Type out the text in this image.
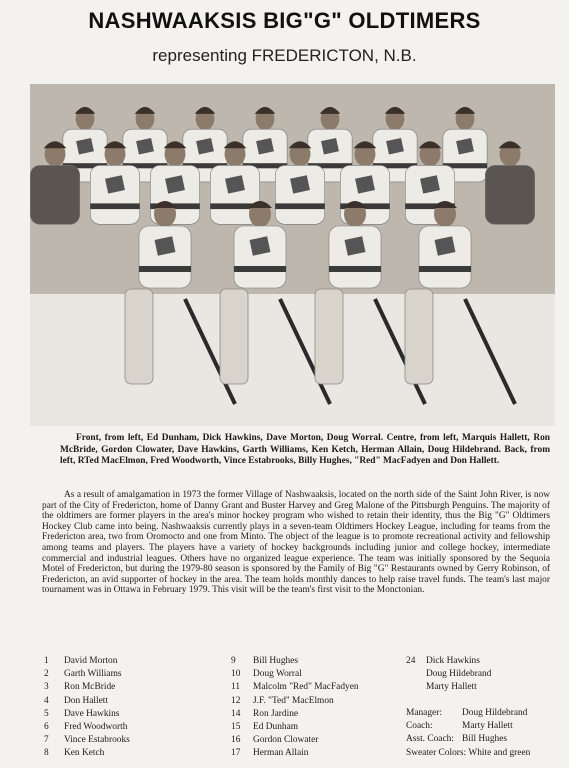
NASHWAAKSIS BIG"G" OLDTIMERS
representing FREDERICTON, N.B.
Front, from left, Ed Dunham, Dick Hawkins, Dave Morton, Doug Worral. Centre, from left, Marquis Hallett, Ron McBride, Gordon Clowater, Dave Hawkins, Garth Williams, Ken Ketch, Herman Allain, Doug Hildebrand. Back, from left, RTed MacElmon, Fred Woodworth, Vince Estabrooks, Billy Hughes, "Red" MacFadyen and Don Hallett.
As a result of amalgamation in 1973 the former Village of Nashwaaksis, located on the north side of the Saint John River, is now part of the City of Fredericton, home of Danny Grant and Buster Harvey and Greg Malone of the Pittsburgh Penguins. The majority of the oldtimers are former players in the area's minor hockey program who wished to retain their identity, thus the Big "G" Oldtimers Hockey Club came into being. Nashwaaksis currently plays in a seven-team Oldtimers Hockey League, including for teams from the Fredericton area, two from Oromocto and one from Minto. The object of the league is to promote recreational activity and fellowship among teams and players. The players have a variety of hockey backgrounds including junior and college hockey, intermediate commercial and industrial leagues. Others have no organized league experience. The team was initially sponsored by the Sequoia Motel of Fredericton, but during the 1979-80 season is sponsored by the Family of Big "G" Restaurants owned by Gerry Robinson, of Fredericton, an avid supporter of hockey in the area. The team holds monthly dances to help raise travel funds. The team's last major tournament was in Ottawa in February 1979. This visit will be the team's first visit to the Monctonian.
1 David Morton
2 Garth Williams
3 Ron McBride
4 Don Hallett
5 Dave Hawkins
6 Fred Woodworth
7 Vince Estabrooks
8 Ken Ketch
9 Bill Hughes
10 Doug Worral
11 Malcolm "Red" MacFadyen
12 J.F. "Ted" MacElmon
14 Ron Jardine
15 Ed Dunham
16 Gordon Clowater
17 Herman Allain
24 Dick Hawkins
Doug Hildebrand
Marty Hallett
Manager: Doug Hildebrand
Coach:	Marty Hallett
Asst. Coach: Bill Hughes
Sweater Colors: White and green
